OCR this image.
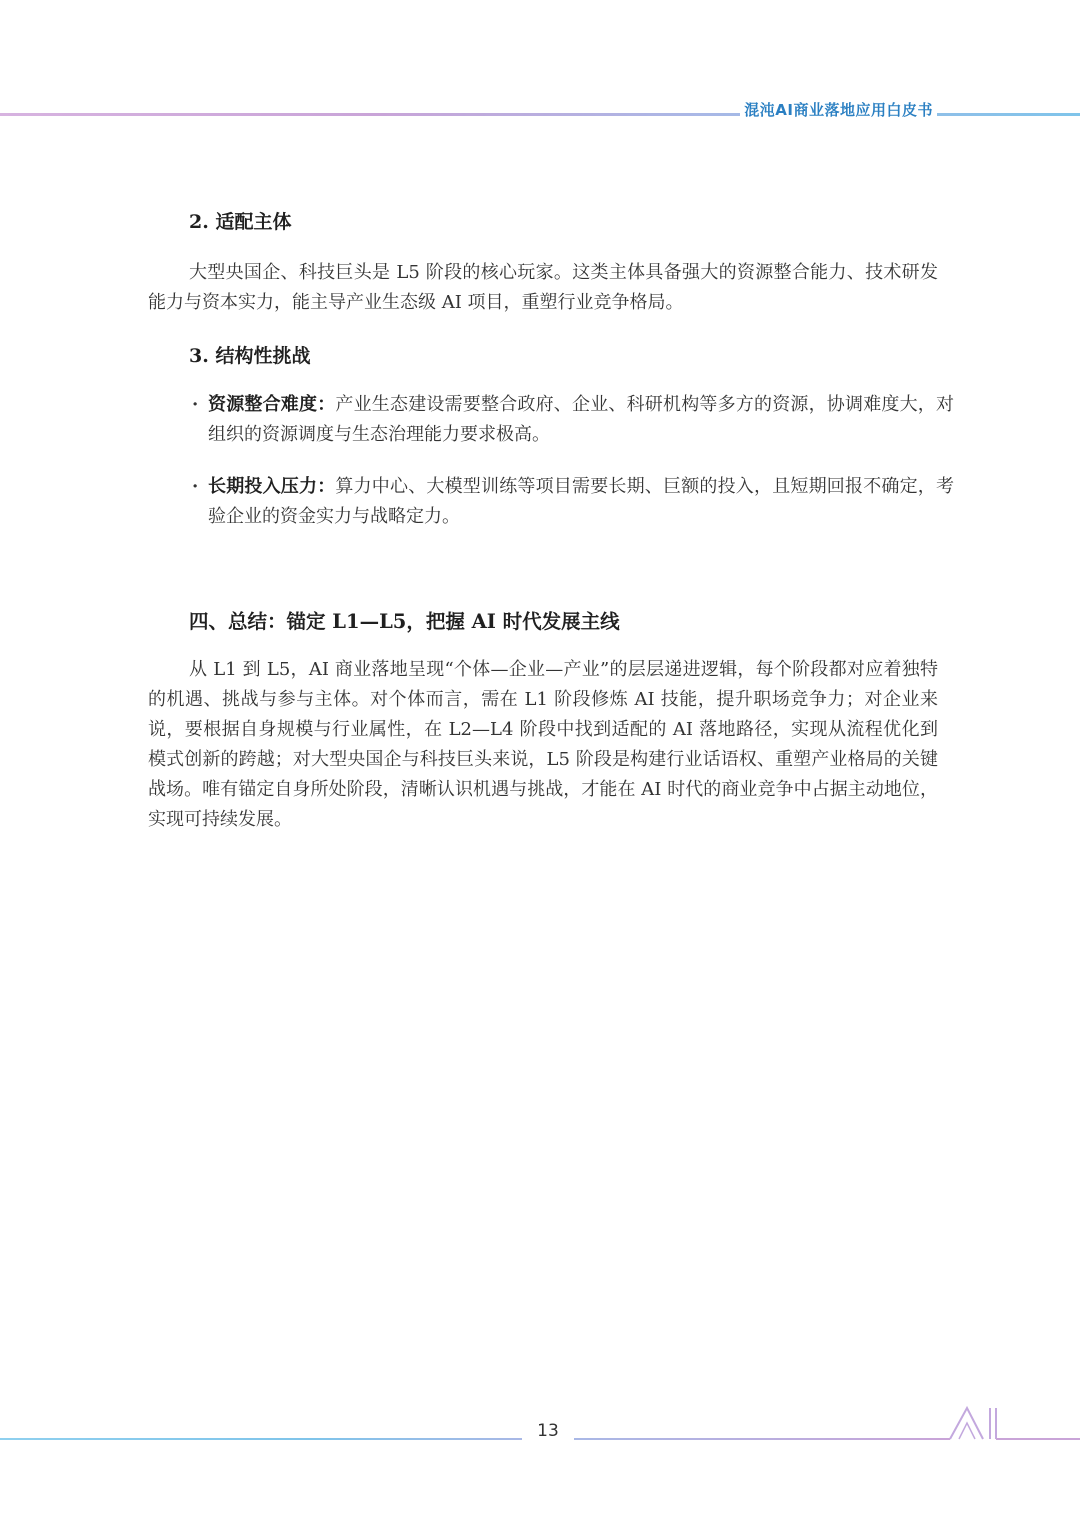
混沌AI商业落地应用白皮书
2. 适配主体

大型央国企、科技巨头是 L5 阶段的核心玩家。这类主体具备强大的资源整合能力、技术研发能力与资本实力，能主导产业生态级 AI 项目，重塑行业竞争格局。

3. 结构性挑战
· 资源整合难度：产业生态建设需要整合政府、企业、科研机构等多方的资源，协调难度大，对组织的资源调度与生态治理能力要求极高。
· 长期投入压力：算力中心、大模型训练等项目需要长期、巨额的投入，且短期回报不确定，考验企业的资金实力与战略定力。
四、总结：锚定 L1—L5，把握 AI 时代发展主线

从 L1 到 L5，AI 商业落地呈现“个体—企业—产业”的层层递进逻辑，每个阶段都对应着独特的机遇、挑战与参与主体。对个体而言，需在 L1 阶段修炼 AI 技能，提升职场竞争力；对企业来说，要根据自身规模与行业属性，在 L2—L4 阶段中找到适配的 AI 落地路径，实现从流程优化到模式创新的跨越；对大型央国企与科技巨头来说，L5 阶段是构建行业话语权、重塑产业格局的关键战场。唯有锚定自身所处阶段，清晰认识机遇与挑战，才能在 AI 时代的商业竞争中占据主动地位，实现可持续发展。

13
